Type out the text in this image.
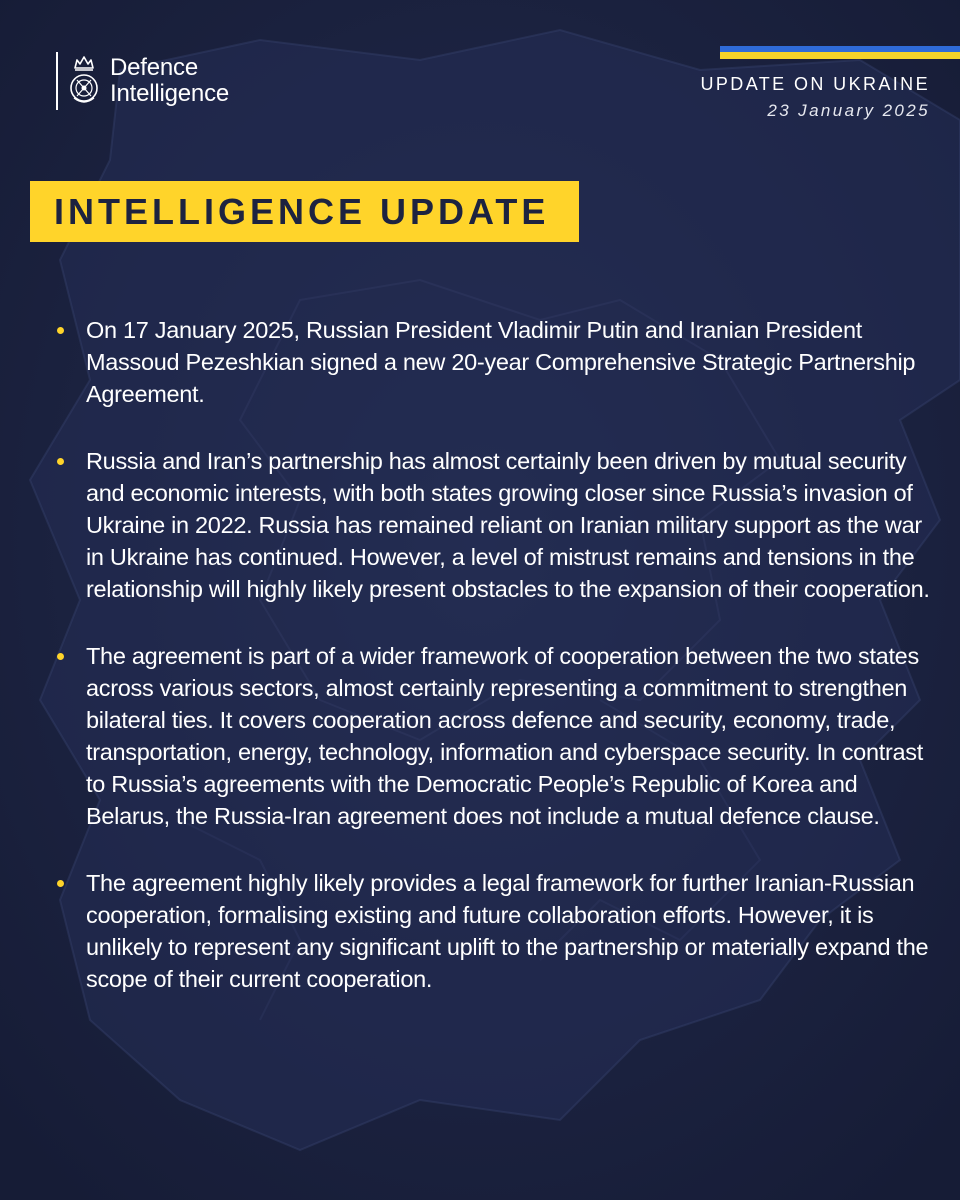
Defence
Intelligence	UPDATE ON UKRAINE
23 January 2025
INTELLIGENCE UPDATE
On 17 January 2025, Russian President Vladimir Putin and Iranian President Massoud Pezeshkian signed a new 20-year Comprehensive Strategic Partnership Agreement.
Russia and Iran’s partnership has almost certainly been driven by mutual security and economic interests, with both states growing closer since Russia’s invasion of Ukraine in 2022. Russia has remained reliant on Iranian military support as the war in Ukraine has continued. However, a level of mistrust remains and tensions in the relationship will highly likely present obstacles to the expansion of their cooperation.
The agreement is part of a wider framework of cooperation between the two states across various sectors, almost certainly representing a commitment to strengthen bilateral ties. It covers cooperation across defence and security, economy, trade, transportation, energy, technology, information and cyberspace security. In contrast to Russia’s agreements with the Democratic People’s Republic of Korea and Belarus, the Russia-Iran agreement does not include a mutual defence clause.
The agreement highly likely provides a legal framework for further Iranian-Russian cooperation, formalising existing and future collaboration efforts. However, it is unlikely to represent any significant uplift to the partnership or materially expand the scope of their current cooperation.
